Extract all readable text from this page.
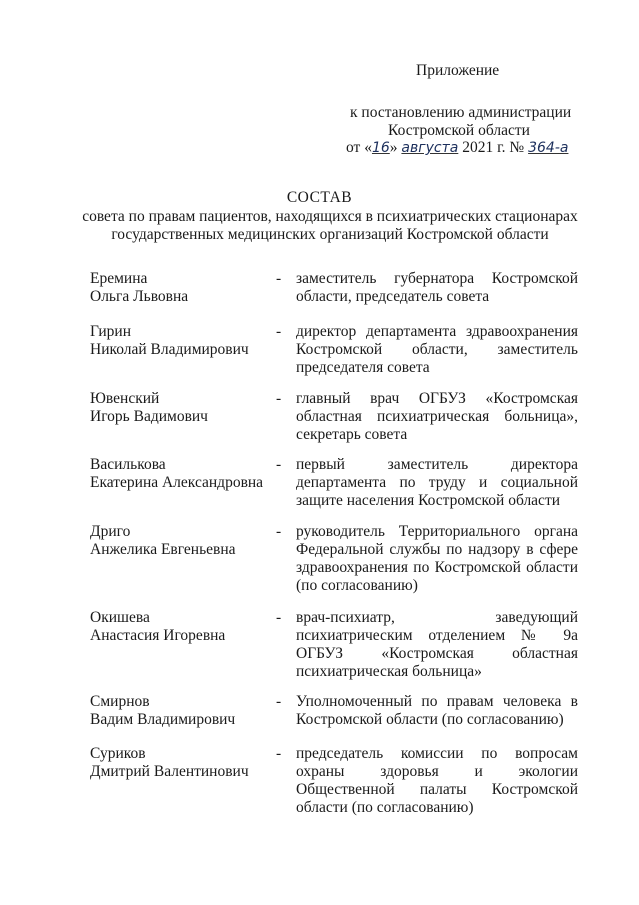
Приложение
к постановлению администрации
Костромской области
от «16» августа 2021 г. № 364-а
СОСТАВ
совета по правам пациентов, находящихся в психиатрических стационарах
государственных медицинских организаций Костромской области
Еремина
Ольга Львовна
- заместитель губернатора Костромской области, председатель совета
Гирин
Николай Владимирович
- директор департамента здравоохранения Костромской области, заместитель председателя совета
Ювенский
Игорь Вадимович
- главный врач ОГБУЗ «Костромская областная психиатрическая больница», секретарь совета
Василькова
Екатерина Александровна
- первый заместитель директора департамента по труду и социальной защите населения Костромской области
Дриго
Анжелика Евгеньевна
- руководитель Территориального органа Федеральной службы по надзору в сфере здравоохранения по Костромской области (по согласованию)
Окишева
Анастасия Игоревна
- врач-психиатр, заведующий психиатрическим отделением № 9а ОГБУЗ «Костромская областная психиатрическая больница»
Смирнов
Вадим Владимирович
- Уполномоченный по правам человека в Костромской области (по согласованию)
Суриков
Дмитрий Валентинович
- председатель комиссии по вопросам охраны здоровья и экологии Общественной палаты Костромской области (по согласованию)
